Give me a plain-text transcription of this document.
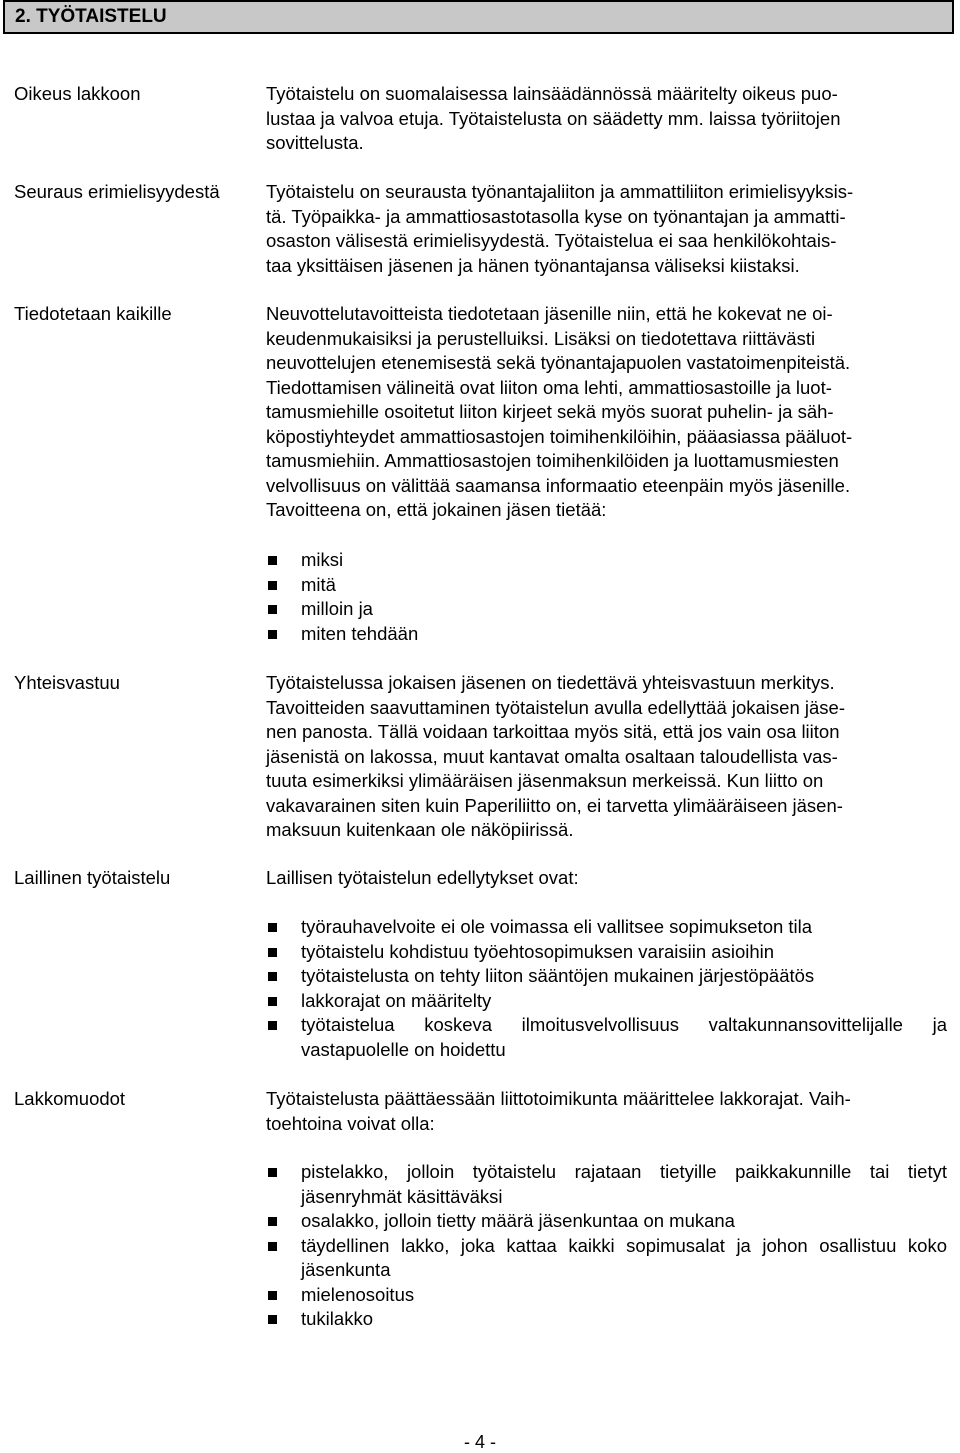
2. TYÖTAISTELU
Oikeus lakkoon	Työtaistelu on suomalaisessa lainsäädännössä määritelty oikeus puo-

lustaa ja valvoa etuja. Työtaistelusta on säädetty mm. laissa työriitojen

sovittelusta.

Seuraus erimielisyydestä	Työtaistelu on seurausta työnantajaliiton ja ammattiliiton erimielisyyksis-

tä. Työpaikka- ja ammattiosastotasolla kyse on työnantajan ja ammatti-

osaston välisestä erimielisyydestä. Työtaistelua ei saa henkilökohtais-

taa yksittäisen jäsenen ja hänen työnantajansa väliseksi kiistaksi.

Tiedotetaan kaikille	Neuvottelutavoitteista tiedotetaan jäsenille niin, että he kokevat ne oi-

keudenmukaisiksi ja perustelluiksi. Lisäksi on tiedotettava riittävästi

neuvottelujen etenemisestä sekä työnantajapuolen vastatoimenpiteistä.

Tiedottamisen välineitä ovat liiton oma lehti, ammattiosastoille ja luot-

tamusmiehille osoitetut liiton kirjeet sekä myös suorat puhelin- ja säh-

köpostiyhteydet ammattiosastojen toimihenkilöihin, pääasiassa pääluot-

tamusmiehiin. Ammattiosastojen toimihenkilöiden ja luottamusmiesten

velvollisuus on välittää saamansa informaatio eteenpäin myös jäsenille.

Tavoitteena on, että jokainen jäsen tietää:

miksi
mitä
milloin ja
miten tehdään
Yhteisvastuu	Työtaistelussa jokaisen jäsenen on tiedettävä yhteisvastuun merkitys.

Tavoitteiden saavuttaminen työtaistelun avulla edellyttää jokaisen jäse-

nen panosta. Tällä voidaan tarkoittaa myös sitä, että jos vain osa liiton

jäsenistä on lakossa, muut kantavat omalta osaltaan taloudellista vas-

tuuta esimerkiksi ylimääräisen jäsenmaksun merkeissä. Kun liitto on

vakavarainen siten kuin Paperiliitto on, ei tarvetta ylimääräiseen jäsen-

maksuun kuitenkaan ole näköpiirissä.

Laillinen työtaistelu	Laillisen työtaistelun edellytykset ovat:

työrauhavelvoite ei ole voimassa eli vallitsee sopimukseton tila
työtaistelu kohdistuu työehtosopimuksen varaisiin asioihin
työtaistelusta on tehty liiton sääntöjen mukainen järjestöpäätös
lakkorajat on määritelty
työtaistelua koskeva ilmoitusvelvollisuus valtakunnansovittelijalle ja vastapuolelle on hoidettu
Lakkomuodot	Työtaistelusta päättäessään liittotoimikunta määrittelee lakkorajat. Vaih-

toehtoina voivat olla:

pistelakko, jolloin työtaistelu rajataan tietyille paikkakunnille tai tietyt jäsenryhmät käsittäväksi
osalakko, jolloin tietty määrä jäsenkuntaa on mukana
täydellinen lakko, joka kattaa kaikki sopimusalat ja johon osallistuu koko jäsenkunta
mielenosoitus
tukilakko
- 4 -
